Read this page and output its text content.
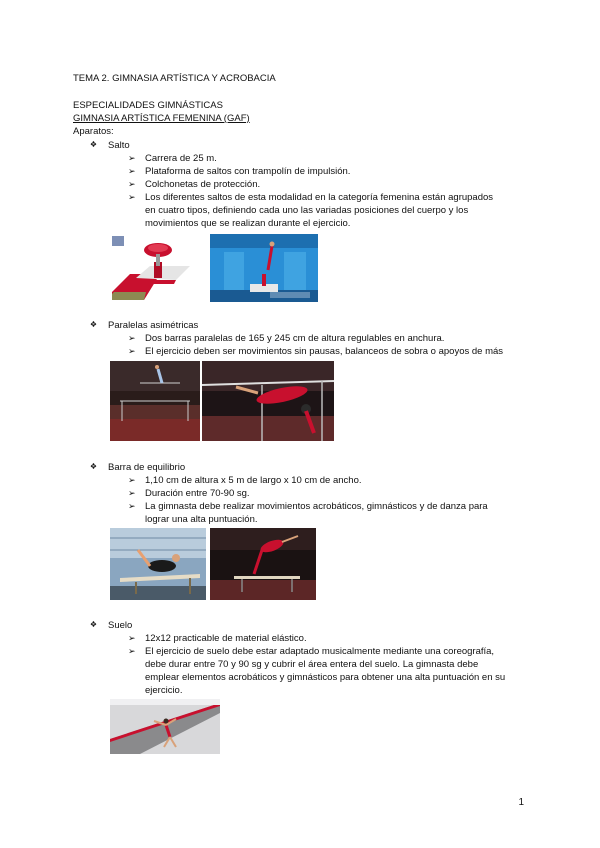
TEMA 2. GIMNASIA ARTÍSTICA Y ACROBACIA
ESPECIALIDADES GIMNÁSTICAS
GIMNASIA ARTÍSTICA FEMENINA (GAF)
Aparatos:
❖ Salto
➢ Carrera de 25 m.
➢ Plataforma de saltos con trampolín de impulsión.
➢ Colchonetas de protección.
➢ Los diferentes saltos de esta modalidad en la categoría femenina están agrupados
en cuatro tipos, definiendo cada uno las variadas posiciones del cuerpo y los
movimientos que se realizan durante el ejercicio.
❖ Paralelas asimétricas
➢ Dos barras paralelas de 165 y 245 cm de altura regulables en anchura.
➢ El ejercicio deben ser movimientos sin pausas, balanceos de sobra o apoyos de más
❖ Barra de equilibrio
➢ 1,10 cm de altura x 5 m de largo x 10 cm de ancho.
➢ Duración entre 70-90 sg.
➢ La gimnasta debe realizar movimientos acrobáticos, gimnásticos y de danza para
lograr una alta puntuación.
❖ Suelo
➢ 12x12 practicable de material elástico.
➢ El ejercicio de suelo debe estar adaptado musicalmente mediante una coreografía,
debe durar entre 70 y 90 sg y cubrir el área entera del suelo. La gimnasta debe
emplear elementos acrobáticos y gimnásticos para obtener una alta puntuación en su
ejercicio.
1
